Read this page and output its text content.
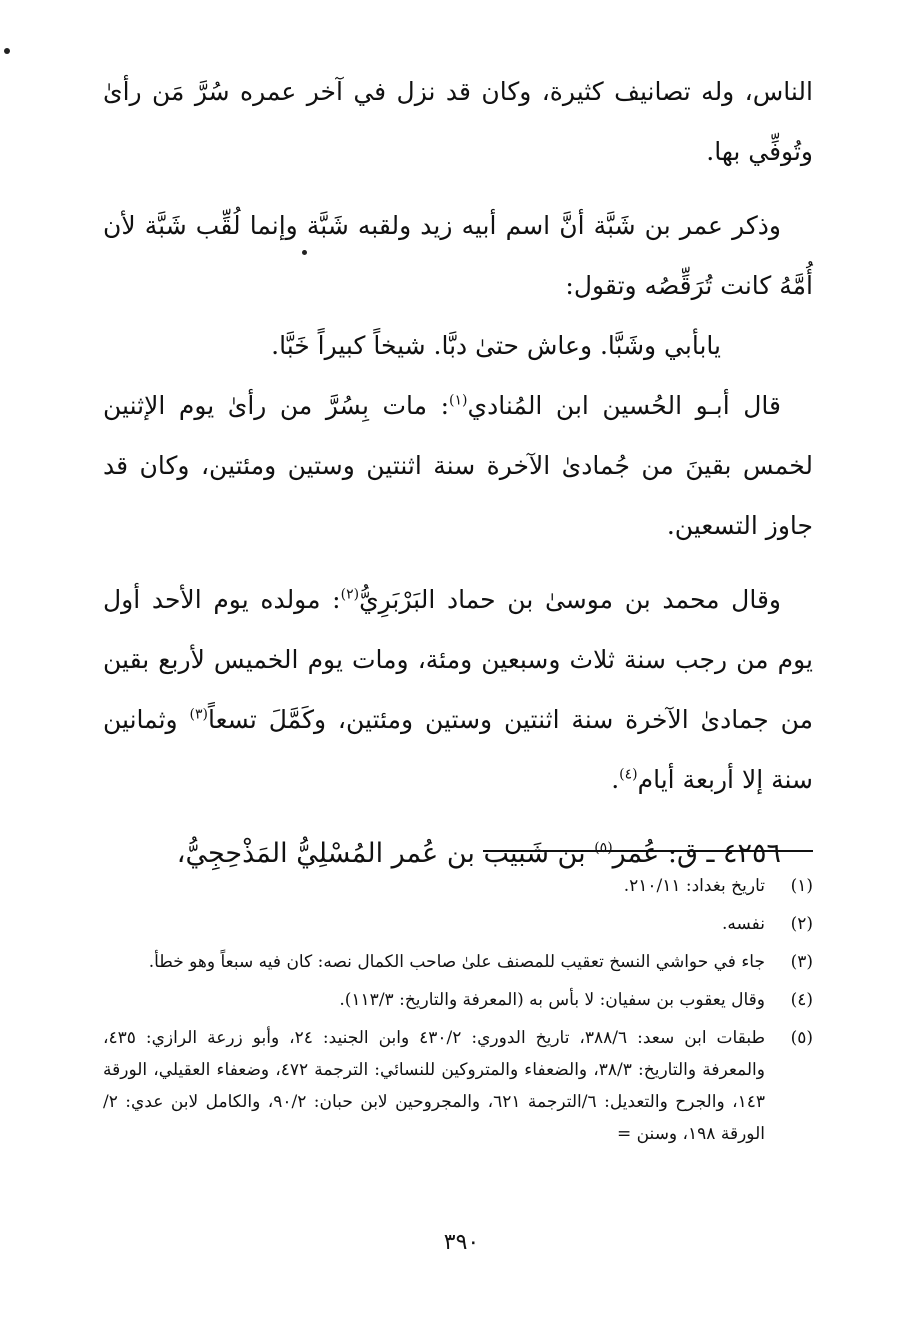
الناس، وله تصانيف كثيرة، وكان قد نزل في آخر عمره سُرَّ مَن رأىٰ وتُوفِّي بها.

وذكر عمر بن شَبَّة أنَّ اسم أبيه زيد ولقبه شَبَّة وإنما لُقِّب شَبَّة لأن أُمَّهُ كانت تُرَقِّصُه وتقول:

يابأبي وشَبَّا. وعاش حتىٰ دبَّا. شيخاً كبيراً خَبَّا.

قال أبـو الحُسين ابن المُنادي$^{(١)}$: مات بِسُرَّ من رأىٰ يوم الإثنين لخمس بقينَ من جُمادىٰ الآخرة سنة اثنتين وستين ومئتين، وكان قد جاوز التسعين.

وقال محمد بن موسىٰ بن حماد البَرْبَرِيُّ$^{(٢)}$: مولده يوم الأحد أول يوم من رجب سنة ثلاث وسبعين ومئة، ومات يوم الخميس لأربع بقين من جمادىٰ الآخرة سنة اثنتين وستين ومئتين، وكَمَّلَ تسعاً$^{(٣)}$ وثمانين سنة إلا أربعة أيام$^{(٤)}$.

٤٢٥٦ ـ ق: عُمر$^{(٥)}$ بن شَبيب بن عُمر المُسْلِيُّ المَذْحِجِيُّ،

(١)
تاريخ بغداد: ٢١٠/١١.
(٢)
نفسه.
(٣)
جاء في حواشي النسخ تعقيب للمصنف علىٰ صاحب الكمال نصه: كان فيه سبعاً وهو خطأ.
(٤)
وقال يعقوب بن سفيان: لا بأس به (المعرفة والتاريخ: ١١٣/٣).
(٥)
طبقات ابن سعد: ٣٨٨/٦، تاريخ الدوري: ٤٣٠/٢ وابن الجنيد: ٢٤، وأبو زرعة الرازي: ٤٣٥، والمعرفة والتاريخ: ٣٨/٣، والضعفاء والمتروكين للنسائي: الترجمة ٤٧٢، وضعفاء العقيلي، الورقة ١٤٣، والجرح والتعديل: ٦/الترجمة ٦٢١، والمجروحين لابن حبان: ٩٠/٢، والكامل لابن عدي: ٢/الورقة ١٩٨، وسنن =
٣٩٠
